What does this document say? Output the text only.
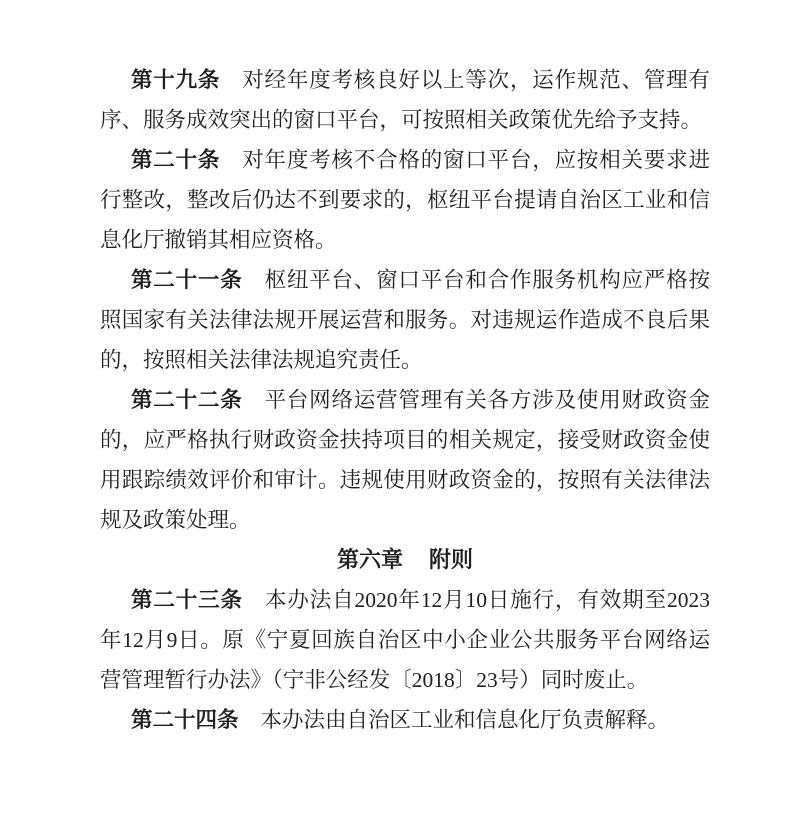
第十九条 对经年度考核良好以上等次，运作规范、管理有序、服务成效突出的窗口平台，可按照相关政策优先给予支持。

第二十条 对年度考核不合格的窗口平台，应按相关要求进行整改，整改后仍达不到要求的，枢纽平台提请自治区工业和信息化厅撤销其相应资格。

第二十一条 枢纽平台、窗口平台和合作服务机构应严格按照国家有关法律法规开展运营和服务。对违规运作造成不良后果的，按照相关法律法规追究责任。

第二十二条 平台网络运营管理有关各方涉及使用财政资金的，应严格执行财政资金扶持项目的相关规定，接受财政资金使用跟踪绩效评价和审计。违规使用财政资金的，按照有关法律法规及政策处理。

第六章 附则

第二十三条 本办法自2020年12月10日施行，有效期至2023年12月9日。原《宁夏回族自治区中小企业公共服务平台网络运营管理暂行办法》（宁非公经发〔2018〕23号）同时废止。

第二十四条 本办法由自治区工业和信息化厅负责解释。
